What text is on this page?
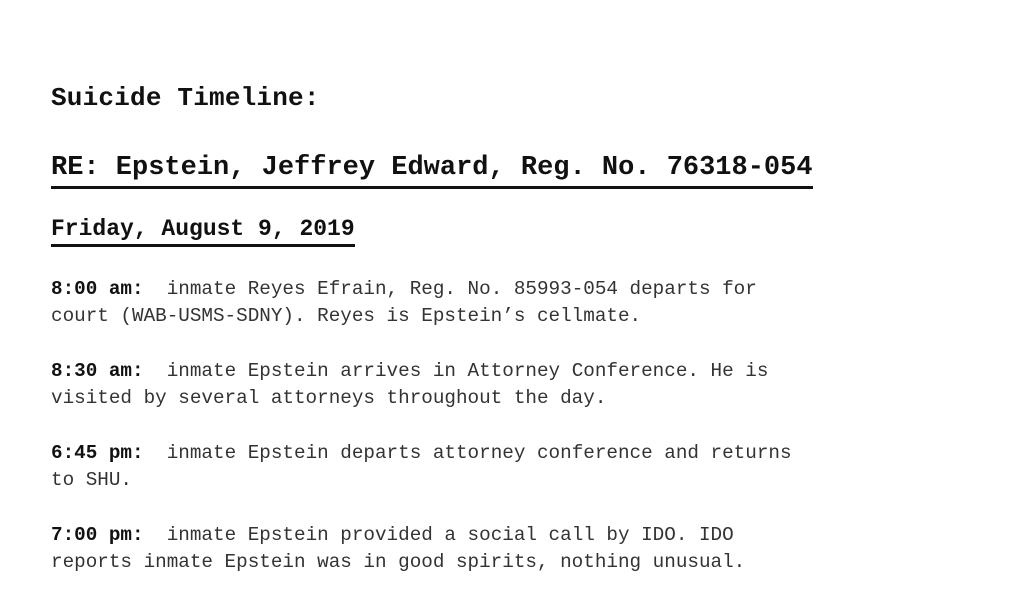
Suicide Timeline:
RE: Epstein, Jeffrey Edward, Reg. No. 76318-054
Friday, August 9, 2019

8:00 am:  inmate Reyes Efrain, Reg. No. 85993-054 departs for
court (WAB-USMS-SDNY). Reyes is Epstein’s cellmate.

8:30 am:  inmate Epstein arrives in Attorney Conference. He is
visited by several attorneys throughout the day.

6:45 pm:  inmate Epstein departs attorney conference and returns
to SHU.

7:00 pm:  inmate Epstein provided a social call by IDO. IDO
reports inmate Epstein was in good spirits, nothing unusual.
